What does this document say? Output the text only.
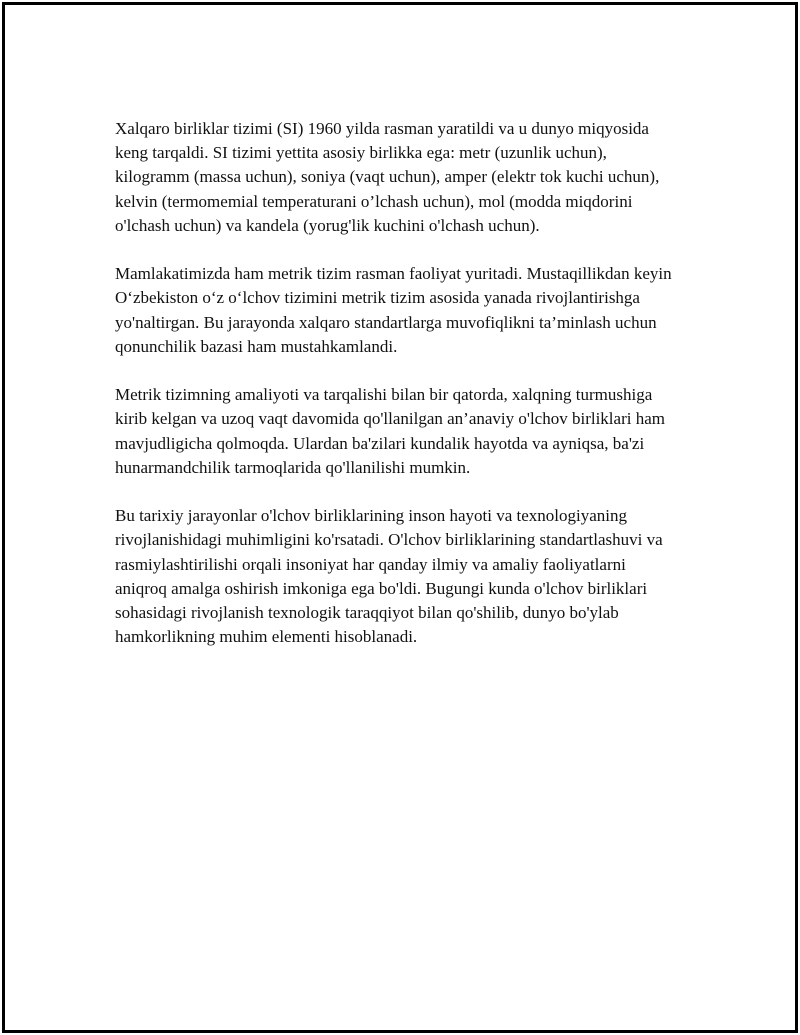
Xalqaro birliklar tizimi (SI) 1960 yilda rasman yaratildi va u dunyo miqyosida keng tarqaldi. SI tizimi yettita asosiy birlikka ega: metr (uzunlik uchun), kilogramm (massa uchun), soniya (vaqt uchun), amper (elektr tok kuchi uchun), kelvin (termomemial temperaturani o’lchash uchun), mol (modda miqdorini o'lchash uchun) va kandela (yorug'lik kuchini o'lchash uchun).

Mamlakatimizda ham metrik tizim rasman faoliyat yuritadi. Mustaqillikdan keyin O‘zbekiston o‘z o‘lchov tizimini metrik tizim asosida yanada rivojlantirishga yo'naltirgan. Bu jarayonda xalqaro standartlarga muvofiqlikni ta’minlash uchun qonunchilik bazasi ham mustahkamlandi.

Metrik tizimning amaliyoti va tarqalishi bilan bir qatorda, xalqning turmushiga kirib kelgan va uzoq vaqt davomida qo'llanilgan an’anaviy o'lchov birliklari ham mavjudligicha qolmoqda. Ulardan ba'zilari kundalik hayotda va ayniqsa, ba'zi hunarmandchilik tarmoqlarida qo'llanilishi mumkin.

Bu tarixiy jarayonlar o'lchov birliklarining inson hayoti va texnologiyaning rivojlanishidagi muhimligini ko'rsatadi. O'lchov birliklarining standartlashuvi va rasmiylashtirilishi orqali insoniyat har qanday ilmiy va amaliy faoliyatlarni aniqroq amalga oshirish imkoniga ega bo'ldi. Bugungi kunda o'lchov birliklari sohasidagi rivojlanish texnologik taraqqiyot bilan qo'shilib, dunyo bo'ylab hamkorlikning muhim elementi hisoblanadi.
